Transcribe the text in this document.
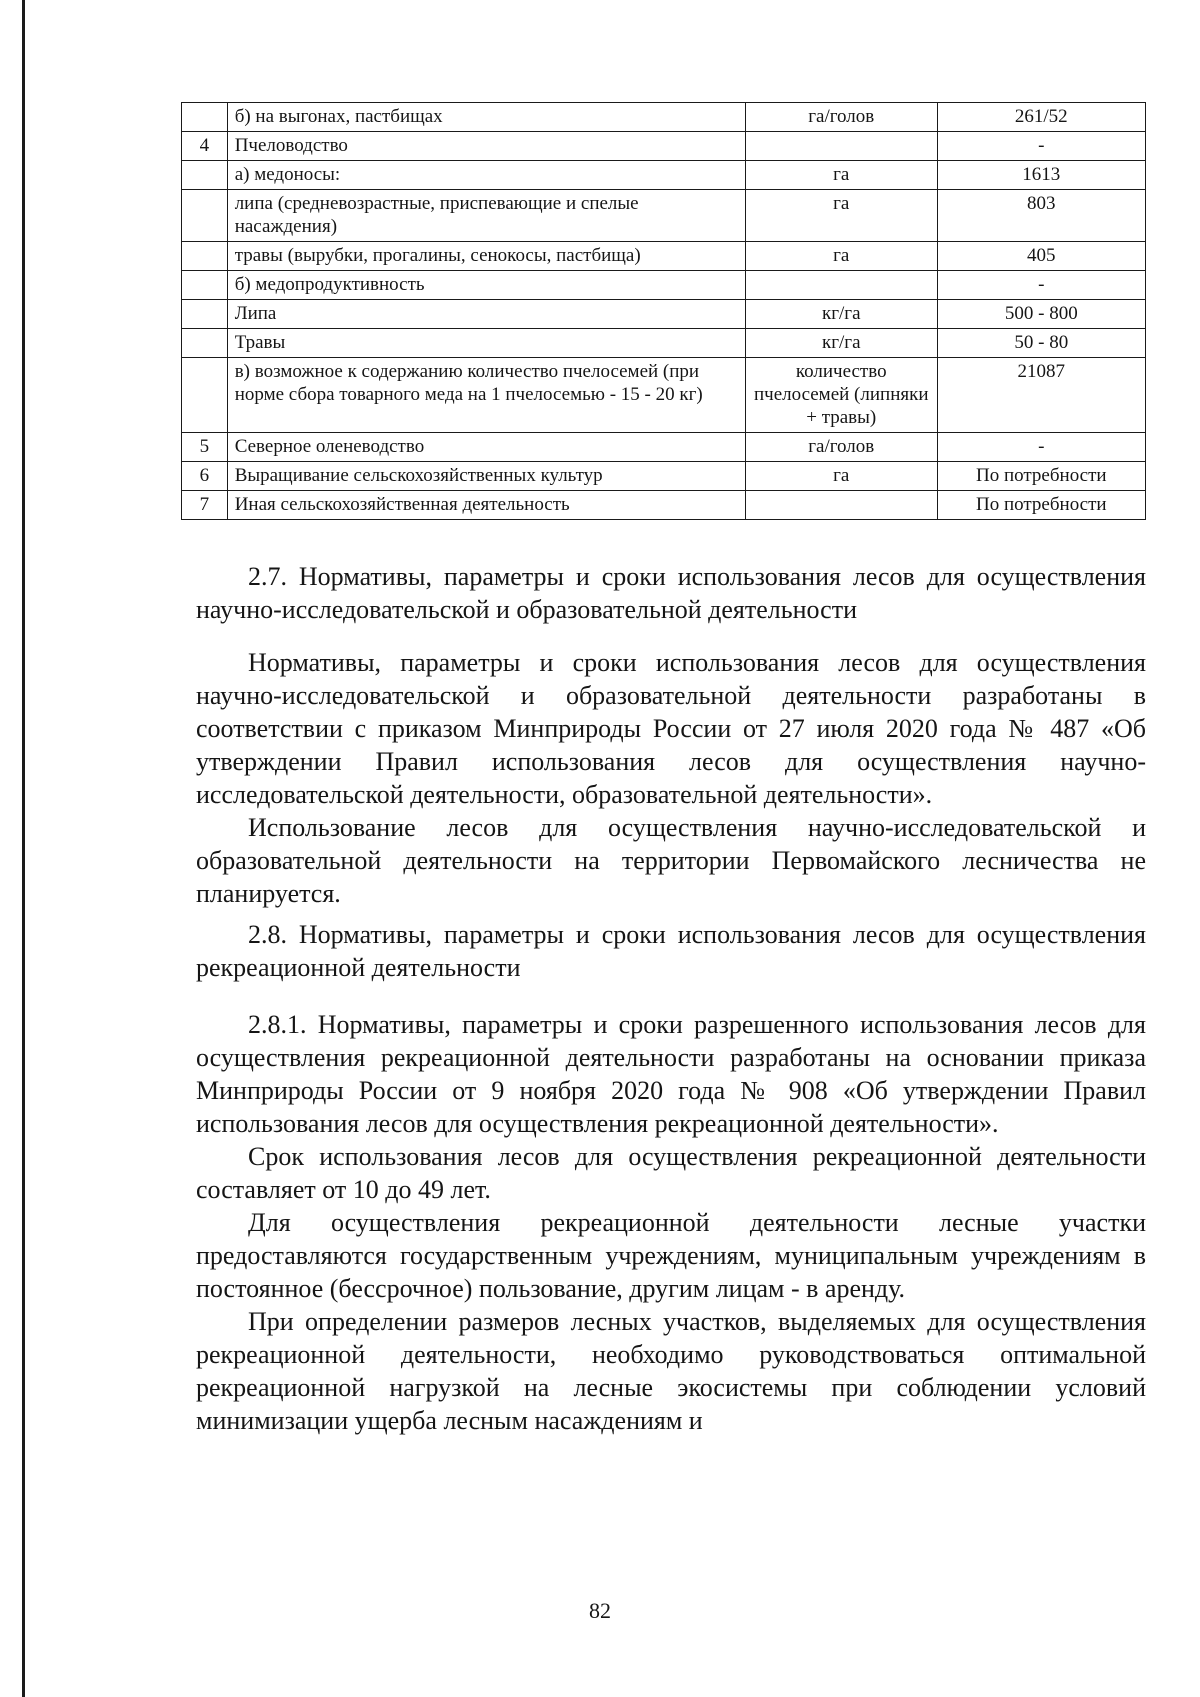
	б) на выгонах, пастбищах	га/голов	261/52
4	Пчеловодство		-
	а) медоносы:	га	1613
	липа (средневозрастные, приспевающие и спелые насаждения)	га	803
	травы (вырубки, прогалины, сенокосы, пастбища)	га	405
	б) медопродуктивность		-
	Липа	кг/га	500 - 800
	Травы	кг/га	50 - 80
	в) возможное к содержанию количество пчелосемей (при норме сбора товарного меда на 1 пчелосемью - 15 - 20 кг)	количество пчелосемей (липняки + травы)	21087
5	Северное оленеводство	га/голов	-
6	Выращивание сельскохозяйственных культур	га	По потребности
7	Иная сельскохозяйственная деятельность		По потребности

2.7. Нормативы, параметры и сроки использования лесов для осуществления научно-исследовательской и образовательной деятельности

Нормативы, параметры и сроки использования лесов для осуществления научно-исследовательской и образовательной деятельности разработаны в соответствии с приказом Минприроды России от 27 июля 2020 года № 487 «Об утверждении Правил использования лесов для осуществления научно-исследовательской деятельности, образовательной деятельности».

Использование лесов для осуществления научно-исследовательской и образовательной деятельности на территории Первомайского лесничества не планируется.

2.8. Нормативы, параметры и сроки использования лесов для осуществления рекреационной деятельности

2.8.1. Нормативы, параметры и сроки разрешенного использования лесов для осуществления рекреационной деятельности разработаны на основании приказа Минприроды России от 9 ноября 2020 года № 908 «Об утверждении Правил использования лесов для осуществления рекреационной деятельности».

Срок использования лесов для осуществления рекреационной деятельности составляет от 10 до 49 лет.

Для осуществления рекреационной деятельности лесные участки предоставляются государственным учреждениям, муниципальным учреждениям в постоянное (бессрочное) пользование, другим лицам - в аренду.

При определении размеров лесных участков, выделяемых для осуществления рекреационной деятельности, необходимо руководствоваться оптимальной рекреационной нагрузкой на лесные экосистемы при соблюдении условий минимизации ущерба лесным насаждениям и

82
